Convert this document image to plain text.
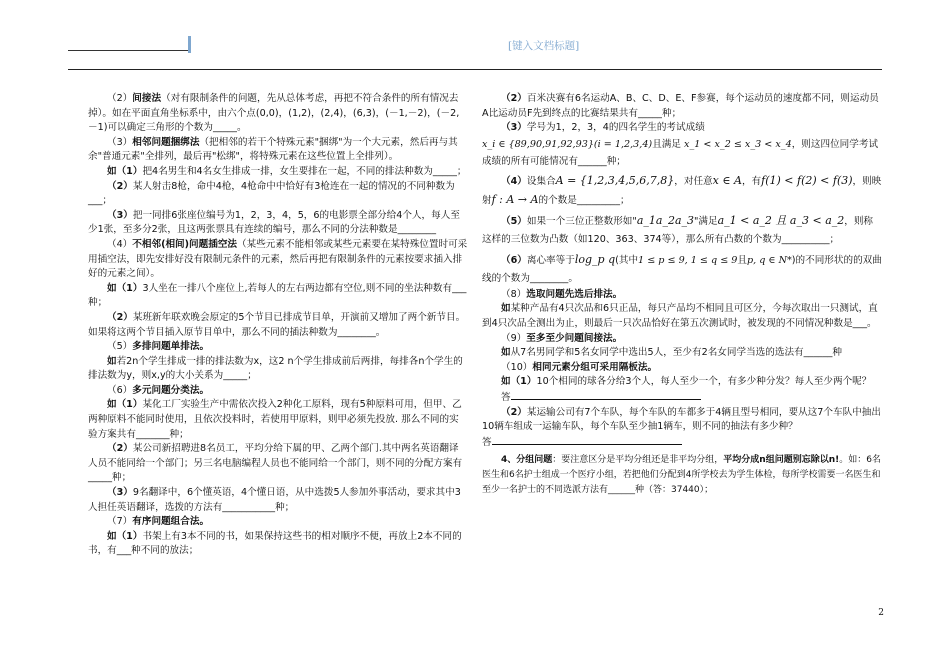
[键入文档标题]

（2）间接法（对有限制条件的问题，先从总体考虑，再把不符合条件的所有情况去掉）。如在平面直角坐标系中，由六个点(0,0)，(1,2)，(2,4)，(6,3)，(－1,－2)，(－2,－1)可以确定三角形的个数为_____。

（3）相邻问题捆绑法（把相邻的若干个特殊元素"捆绑"为一个大元素，然后再与其余"普通元素"全排列，最后再"松绑"，将特殊元素在这些位置上全排列）。

如（1）把4名男生和4名女生排成一排，女生要排在一起，不同的排法种数为_____；

（2）某人射击8枪，命中4枪，4枪命中中恰好有3枪连在一起的情况的不同种数为___；

（3）把一同排6张座位编号为1，2，3，4，5，6的电影票全部分给4个人，每人至少1张，至多分2张，且这两张票具有连续的编号，那么不同的分法种数是________

（4）不相邻(相间)问题插空法（某些元素不能相邻或某些元素要在某特殊位置时可采用插空法，即先安排好没有限制元条件的元素，然后再把有限制条件的元素按要求插入排好的元素之间）。

如（1）3人坐在一排八个座位上,若每人的左右两边都有空位,则不同的坐法种数有___种；

（2）某班新年联欢晚会原定的5个节目已排成节目单，开演前又增加了两个新节目。如果将这两个节目插入原节目单中，那么不同的插法种数为________。

（5）多排问题单排法。

如若2n个学生排成一排的排法数为x，这2 n个学生排成前后两排，每排各n个学生的排法数为y，则x,y的大小关系为_____；

（6）多元问题分类法。

如（1）某化工厂实验生产中需依次投入2种化工原料，现有5种原料可用，但甲、乙两种原料不能同时使用，且依次投料时，若使用甲原料，则甲必须先投放. 那么不同的实验方案共有_______种；

（2）某公司新招聘进8名员工，平均分给下属的甲、乙两个部门.其中两名英语翻译人员不能同给一个部门；另三名电脑编程人员也不能同给一个部门，则不同的分配方案有_____种；

（3）9名翻译中，6个懂英语，4个懂日语，从中选拨5人参加外事活动，要求其中3人担任英语翻译，选拨的方法有___________种；

（7）有序问题组合法。

如（1）书架上有3本不同的书，如果保持这些书的相对顺序不便，再放上2本不同的书，有___种不同的放法；

（2）百米决赛有6名运动A、B、C、D、E、F参赛，每个运动员的速度都不同，则运动员A比运动员F先到终点的比赛结果共有_____种；

（3）学号为1，2，3，4的四名学生的考试成绩

x_i ∈ {89,90,91,92,93}(i = 1,2,3,4)且满足 x_1 < x_2 ≤ x_3 < x_4，则这四位同学考试成绩的所有可能情况有______种；

（4）设集合A = {1,2,3,4,5,6,7,8}，对任意x ∈ A，有f(1) < f(2) < f(3)，则映射f : A → A的个数是_________；

（5）如果一个三位正整数形如"a_1a_2a_3"满足a_1 < a_2 且 a_3 < a_2，则称这样的三位数为凸数（如120、363、374等），那么所有凸数的个数为__________；

（6）离心率等于log_p q(其中1 ≤ p ≤ 9, 1 ≤ q ≤ 9且p, q ∈ N*)的不同形状的的双曲线的个数为________。

（8）选取问题先选后排法。

如某种产品有4只次品和6只正品，每只产品均不相同且可区分，今每次取出一只测试，直到4只次品全测出为止，则最后一只次品恰好在第五次测试时，被发现的不同情况种数是___。

（9）至多至少问题间接法。

如从7名男同学和5名女同学中选出5人，至少有2名女同学当选的选法有______种

（10）相同元素分组可采用隔板法。

如（1）10个相同的球各分给3个人，每人至少一个，有多少种分发？每人至少两个呢？

答

（2）某运输公司有7个车队，每个车队的车都多于4辆且型号相同，要从这7个车队中抽出10辆车组成一运输车队，每个车队至少抽1辆车，则不同的抽法有多少种？

答

4、分组问题：要注意区分是平均分组还是非平均分组，平均分成n组问题别忘除以n!。如：6名医生和6名护士组成一个医疗小组，若把他们分配到4所学校去为学生体检，每所学校需要一名医生和至少一名护士的不同选派方法有______种（答：37440）；

2
